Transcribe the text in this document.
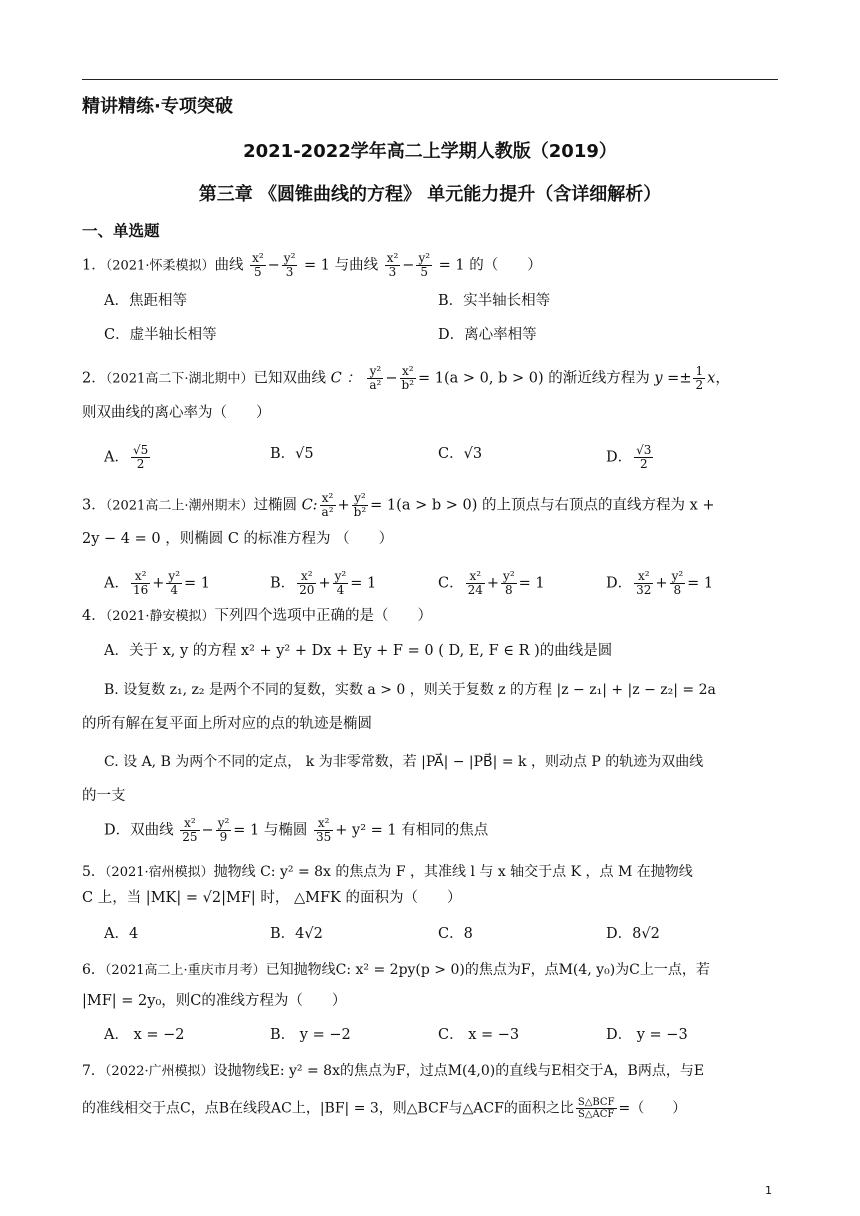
精讲精练·专项突破
2021-2022学年高二上学期人教版（2019）
第三章 《圆锥曲线的方程》 单元能力提升（含详细解析）
一、单选题
1．（2021·怀柔模拟）曲线 $\frac{\text{x²}}{5} - \frac{\text{y²}}{3} = 1$ 与曲线 $\frac{\text{x²}}{3} - \frac{\text{y²}}{5} = 1$ 的（　　）
A．焦距相等	B．实半轴长相等
C．虚半轴长相等	D．离心率相等
2．（2021高二下·湖北期中）已知双曲线 C ： $\frac{\text{y²}}{\text{a²}} - \frac{\text{x²}}{\text{b²}} = 1(a > 0$, b > 0) 的渐近线方程为 $y =\pm \frac{1}{2}$ x，
则双曲线的离心率为（　　）
A． $\frac{√5}{2}$	B．√5	C．√3	D． $\frac{√3}{2}$
3．（2021高二上·潮州期末）过椭圆 C: $\frac{\text{x²}}{\text{a²}} + \frac{\text{y²}}{\text{b²}} = 1(a > b > 0)$ 的上顶点与右顶点的直线方程为 x +
2y − 4 = 0 ，则椭圆 C 的标准方程为 （　　）
A． $\frac{\text{x²}}{16} + \frac{\text{y²}}{4} = 1$	B． $\frac{\text{x²}}{20} + \frac{\text{y²}}{4} = 1$	C． $\frac{\text{x²}}{24} + \frac{\text{y²}}{8} = 1$	D． $\frac{\text{x²}}{32} + \frac{\text{y²}}{8} = 1$
4．（2021·静安模拟）下列四个选项中正确的是（　　）
A．关于 x, y 的方程 x² + y² + Dx + Ey + F = 0 ( D, E, F ∈ R )的曲线是圆
B. 设复数 z₁, z₂ 是两个不同的复数，实数 a > 0 ，则关于复数 z 的方程 |z − z₁| + |z − z₂| = 2a
的所有解在复平面上所对应的点的轨迹是椭圆
C. 设 A, B 为两个不同的定点， k 为非零常数，若 |PA⃗| − |PB⃗| = k ，则动点 P 的轨迹为双曲线
的一支
D．双曲线 $\frac{\text{x²}}{25} - \frac{\text{y²}}{9} = 1$ 与椭圆 $\frac{\text{x²}}{35} + y^2 = 1$ 有相同的焦点
5．（2021·宿州模拟）抛物线 C: y² = 8x 的焦点为 F ，其准线 l 与 x 轴交于点 K ，点 M 在抛物线
C 上，当 |MK| = √2|MF| 时， △MFK 的面积为（　　）
A．4	B．4√2	C．8	D．8√2
6．（2021高二上·重庆市月考）已知抛物线C: x² = 2py(p > 0)的焦点为F，点M(4, y₀)为C上一点，若
|MF| = 2y₀，则C的准线方程为（　　）
A． x = −2	B． y = −2	C． x = −3	D． y = −3
7．（2022·广州模拟）设抛物线E: y² = 8x的焦点为F，过点M(4,0)的直线与E相交于A，B两点，与E
的准线相交于点C，点B在线段AC上，|BF| = 3，则△BCF与△ACF的面积之比 $\frac{\text{S△BCF}}{\text{S△ACF}}$ =（　　）
1
